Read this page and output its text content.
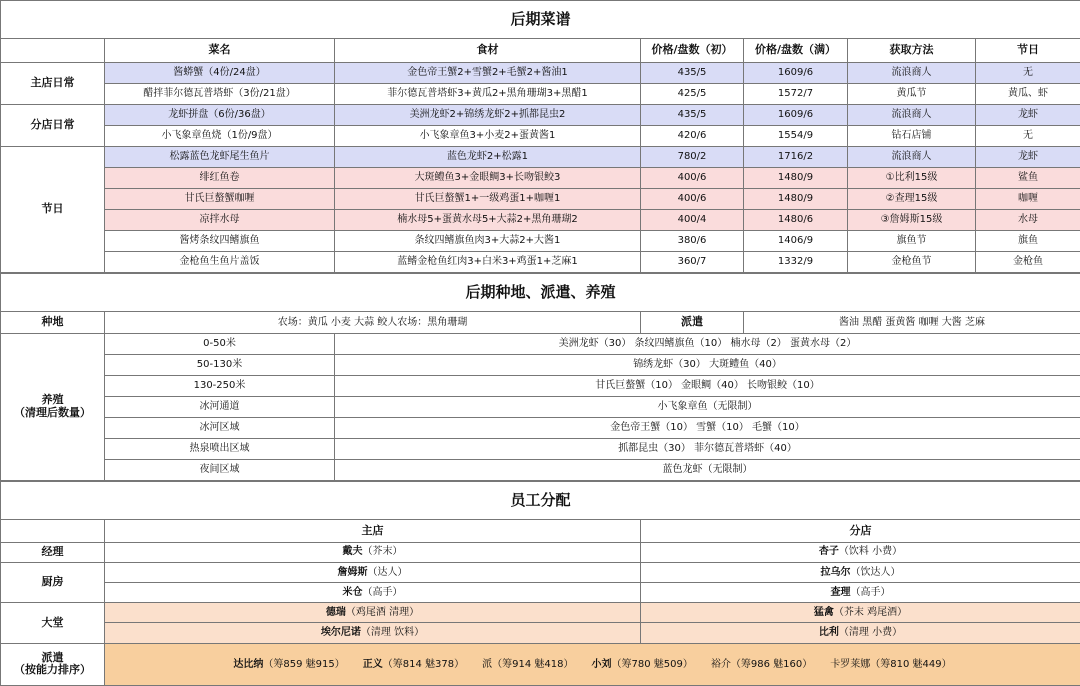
后期菜谱						
	菜名	食材	价格/盘数（初）	价格/盘数（满）	获取方法	节日
主店日常	酱蟒蟹（4份/24盘）	金色帝王蟹2+雪蟹2+毛蟹2+酱油1	435/5	1609/6	流浪商人	无
	醋拌菲尔德瓦普塔虾（3份/21盘）	菲尔德瓦普塔虾3+黄瓜2+黑角珊瑚3+黑醋1	425/5	1572/7	黄瓜节	黄瓜、虾
分店日常	龙虾拼盘（6份/36盘）	美洲龙虾2+锦绣龙虾2+抓都昆虫2	435/5	1609/6	流浪商人	龙虾
	小飞象章鱼烧（1份/9盘）	小飞象章鱼3+小麦2+蛋黄酱1	420/6	1554/9	钻石店铺	无
节日	松露蓝色龙虾尾生鱼片	蓝色龙虾2+松露1	780/2	1716/2	流浪商人	龙虾
	绯红鱼卷	大斑鳢鱼3+金眼鲷3+长吻银鲛3	400/6	1480/9	①比利15级	鲨鱼
	甘氏巨螯蟹咖喱	甘氏巨螯蟹1+一级鸡蛋1+咖喱1	400/6	1480/9	②查理15级	咖喱
	凉拌水母	楠水母5+蛋黄水母5+大蒜2+黑角珊瑚2	400/4	1480/6	③詹姆斯15级	水母
	酱烤条纹四鳍旗鱼	条纹四鳍旗鱼肉3+大蒜2+大酱1	380/6	1406/9	旗鱼节	旗鱼
	金枪鱼生鱼片盖饭	蓝鳍金枪鱼红肉3+白米3+鸡蛋1+芝麻1	360/7	1332/9	金枪鱼节	金枪鱼
后期种地、派遣、养殖				
种地	农场：黄瓜 小麦 大蒜 鲛人农场：黑角珊瑚		派遣	酱油 黑醋 蛋黄酱 咖喱 大酱 芝麻

养殖
（清理后数量）	0-50米	美洲龙虾（30） 条纹四鳍旗鱼（10） 楠水母（2） 蛋黄水母（2）		
	50-130米	锦绣龙虾（30） 大斑鳢鱼（40）		
	130-250米	甘氏巨螯蟹（10） 金眼鲷（40） 长吻银鲛（10）		
	冰河通道	小飞象章鱼（无限制）		
	冰河区域	金色帝王蟹（10） 雪蟹（10） 毛蟹（10）		
	热泉喷出区域	抓都昆虫（30） 菲尔德瓦普塔虾（40）		
	夜间区域	蓝色龙虾（无限制）		
员工分配		
	主店	分店
经理	戴夫（芥末）	杏子（饮料 小费）
厨房	詹姆斯（达人）	拉乌尔（饮达人）
	米仓（高手）	查理（高手）
大堂	德瑞（鸡尾酒 清理）	猛禽（芥末 鸡尾酒）
	埃尔尼诺（清理 饮料）	比利（清理 小费）

派遣
（按能力排序）	达比纳（筹859 魅915） 正义（筹814 魅378） 派（筹914 魅418） 小刘（筹780 魅509） 裕介（筹986 魅160） 卡罗莱娜（筹810 魅449）	
